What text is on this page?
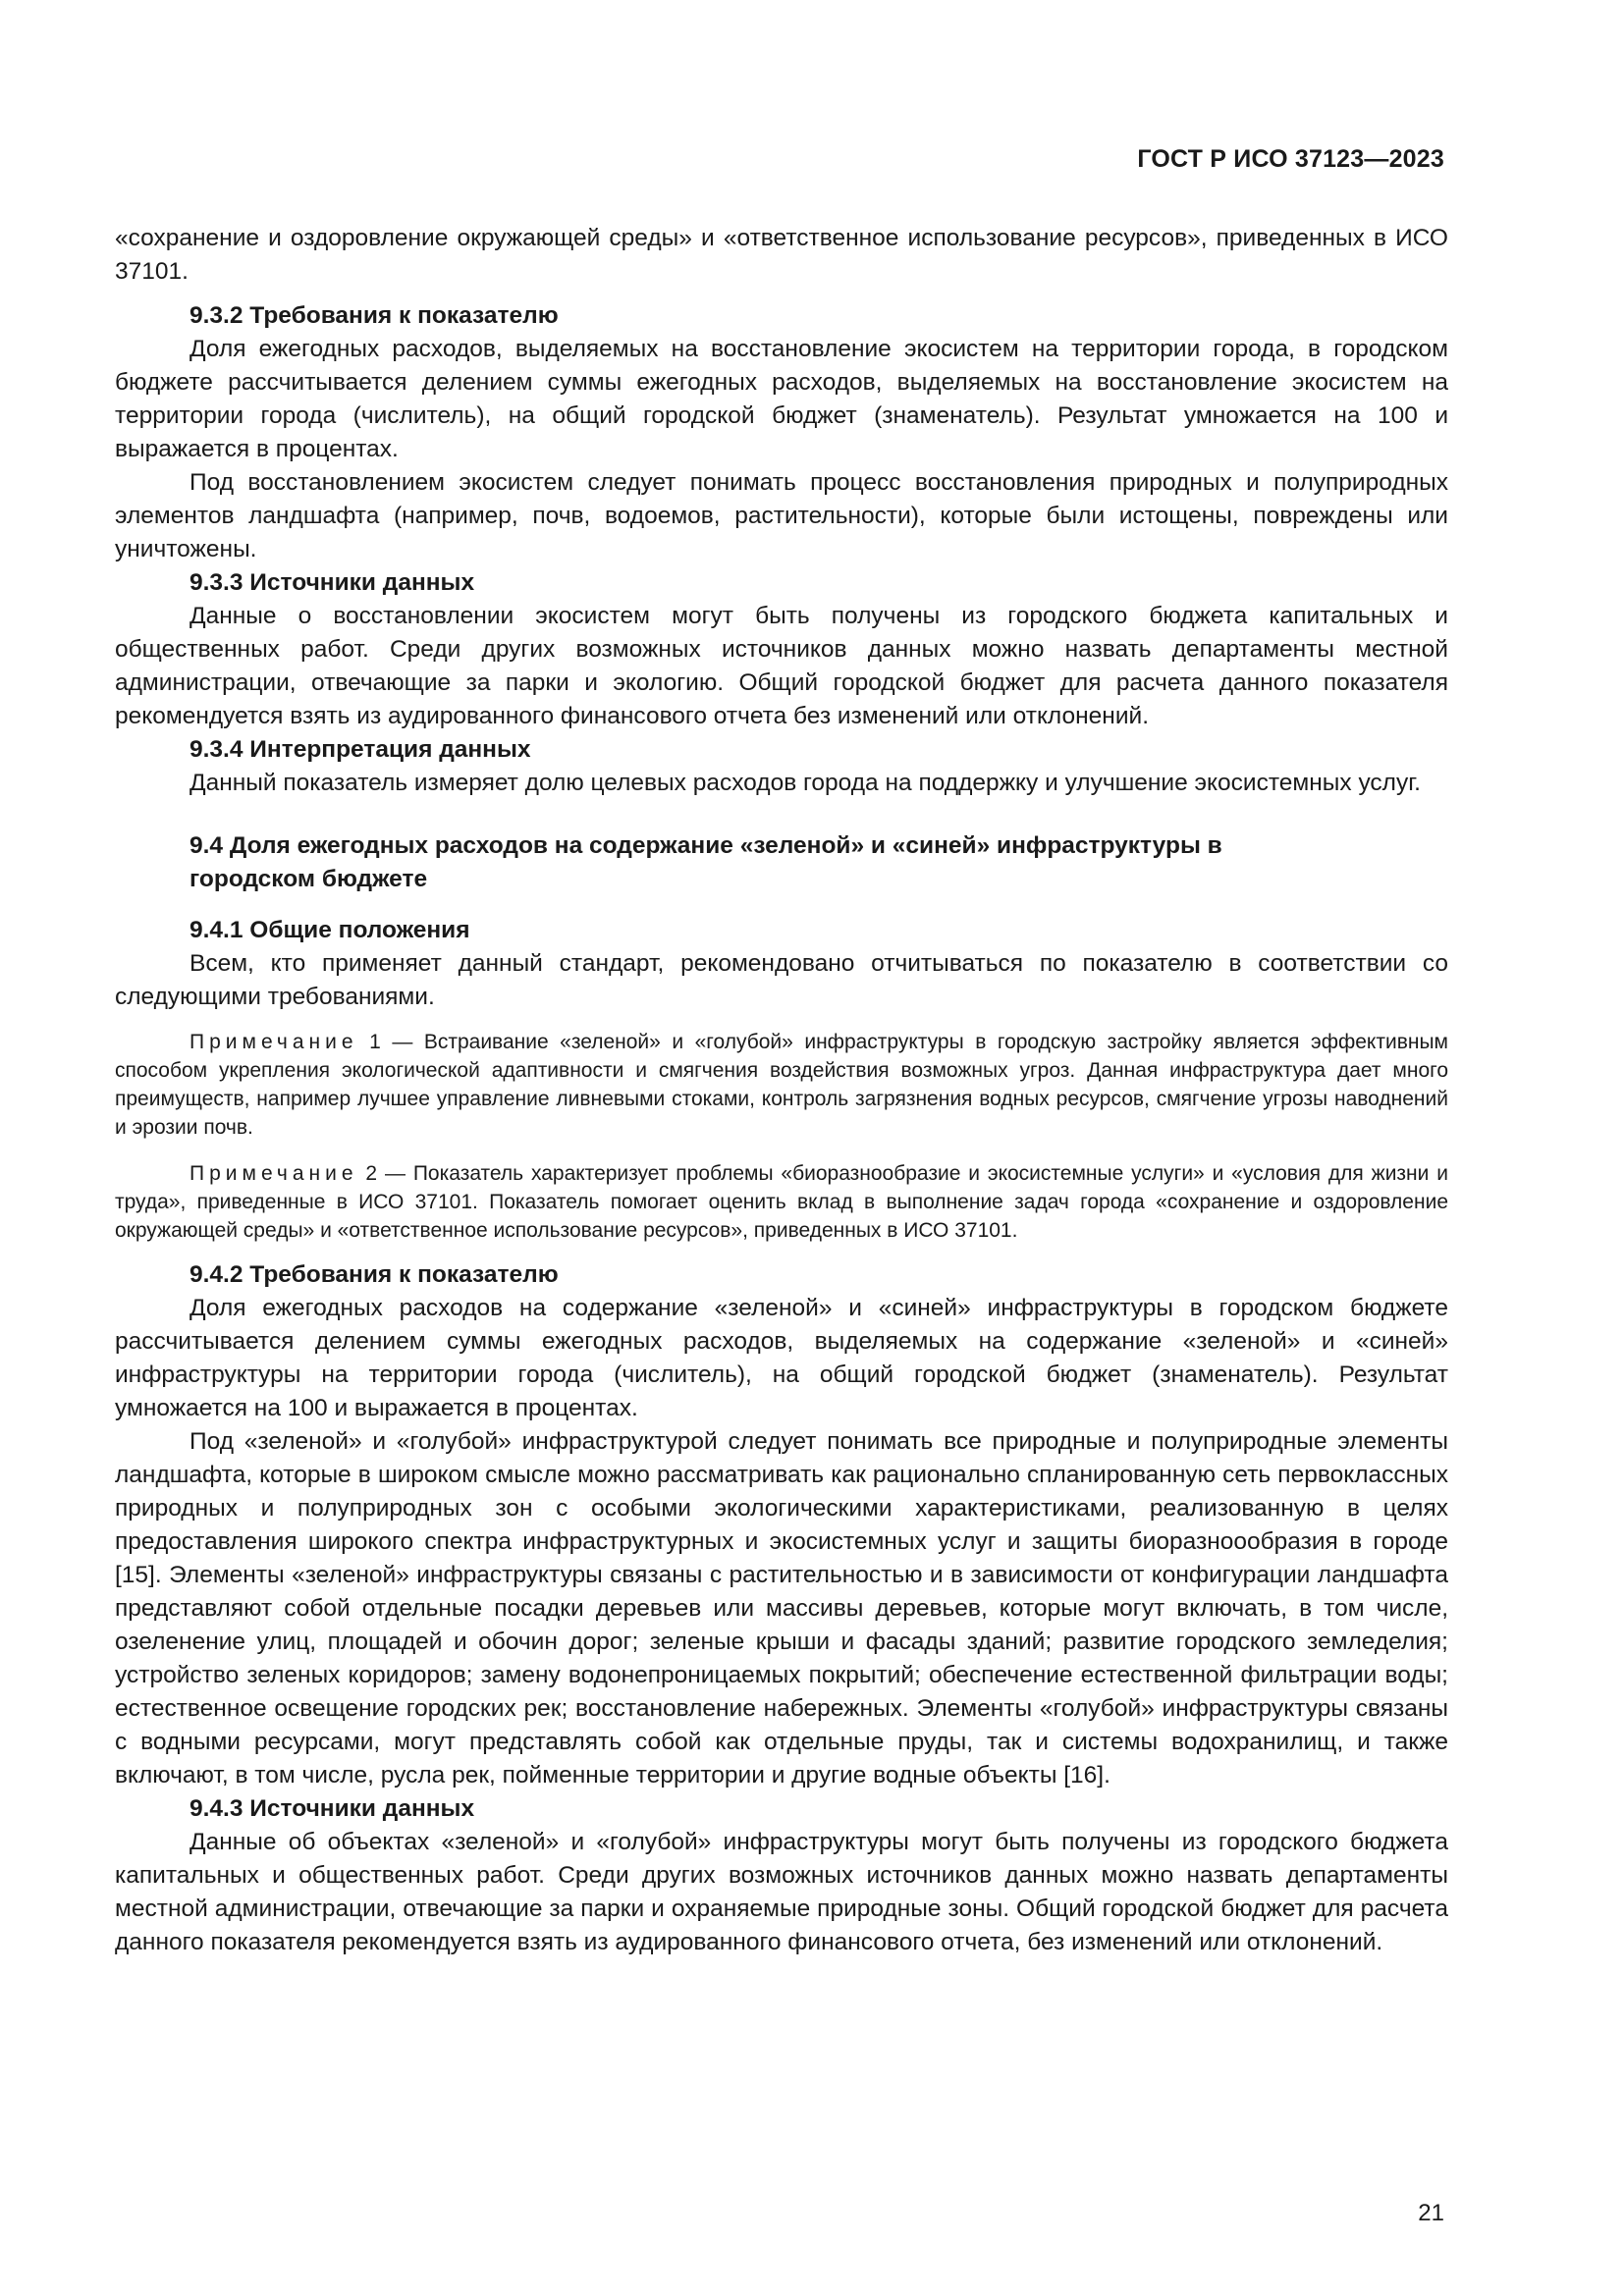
ГОСТ Р ИСО 37123—2023

«сохранение и оздоровление окружающей среды» и «ответственное использование ресурсов», приведенных в ИСО 37101.

9.3.2 Требования к показателю

Доля ежегодных расходов, выделяемых на восстановление экосистем на территории города, в городском бюджете рассчитывается делением суммы ежегодных расходов, выделяемых на восстановление экосистем на территории города (числитель), на общий городской бюджет (знаменатель). Результат умножается на 100 и выражается в процентах.

Под восстановлением экосистем следует понимать процесс восстановления природных и полуприродных элементов ландшафта (например, почв, водоемов, растительности), которые были истощены, повреждены или уничтожены.

9.3.3 Источники данных

Данные о восстановлении экосистем могут быть получены из городского бюджета капитальных и общественных работ. Среди других возможных источников данных можно назвать департаменты местной администрации, отвечающие за парки и экологию. Общий городской бюджет для расчета данного показателя рекомендуется взять из аудированного финансового отчета без изменений или отклонений.

9.3.4 Интерпретация данных

Данный показатель измеряет долю целевых расходов города на поддержку и улучшение экосистемных услуг.

9.4 Доля ежегодных расходов на содержание «зеленой» и «синей» инфраструктуры в городском бюджете

9.4.1 Общие положения

Всем, кто применяет данный стандарт, рекомендовано отчитываться по показателю в соответствии со следующими требованиями.

Примечание 1 — Встраивание «зеленой» и «голубой» инфраструктуры в городскую застройку является эффективным способом укрепления экологической адаптивности и смягчения воздействия возможных угроз. Данная инфраструктура дает много преимуществ, например лучшее управление ливневыми стоками, контроль загрязнения водных ресурсов, смягчение угрозы наводнений и эрозии почв.

Примечание 2 — Показатель характеризует проблемы «биоразнообразие и экосистемные услуги» и «условия для жизни и труда», приведенные в ИСО 37101. Показатель помогает оценить вклад в выполнение задач города «сохранение и оздоровление окружающей среды» и «ответственное использование ресурсов», приведенных в ИСО 37101.

9.4.2 Требования к показателю

Доля ежегодных расходов на содержание «зеленой» и «синей» инфраструктуры в городском бюджете рассчитывается делением суммы ежегодных расходов, выделяемых на содержание «зеленой» и «синей» инфраструктуры на территории города (числитель), на общий городской бюджет (знаменатель). Результат умножается на 100 и выражается в процентах.

Под «зеленой» и «голубой» инфраструктурой следует понимать все природные и полуприродные элементы ландшафта, которые в широком смысле можно рассматривать как рационально спланированную сеть первоклассных природных и полуприродных зон с особыми экологическими характеристиками, реализованную в целях предоставления широкого спектра инфраструктурных и экосистемных услуг и защиты биоразноообразия в городе [15]. Элементы «зеленой» инфраструктуры связаны с растительностью и в зависимости от конфигурации ландшафта представляют собой отдельные посадки деревьев или массивы деревьев, которые могут включать, в том числе, озеленение улиц, площадей и обочин дорог; зеленые крыши и фасады зданий; развитие городского земледелия; устройство зеленых коридоров; замену водонепроницаемых покрытий; обеспечение естественной фильтрации воды; естественное освещение городских рек; восстановление набережных. Элементы «голубой» инфраструктуры связаны с водными ресурсами, могут представлять собой как отдельные пруды, так и системы водохранилищ, и также включают, в том числе, русла рек, пойменные территории и другие водные объекты [16].

9.4.3 Источники данных

Данные об объектах «зеленой» и «голубой» инфраструктуры могут быть получены из городского бюджета капитальных и общественных работ. Среди других возможных источников данных можно назвать департаменты местной администрации, отвечающие за парки и охраняемые природные зоны. Общий городской бюджет для расчета данного показателя рекомендуется взять из аудированного финансового отчета, без изменений или отклонений.

21
